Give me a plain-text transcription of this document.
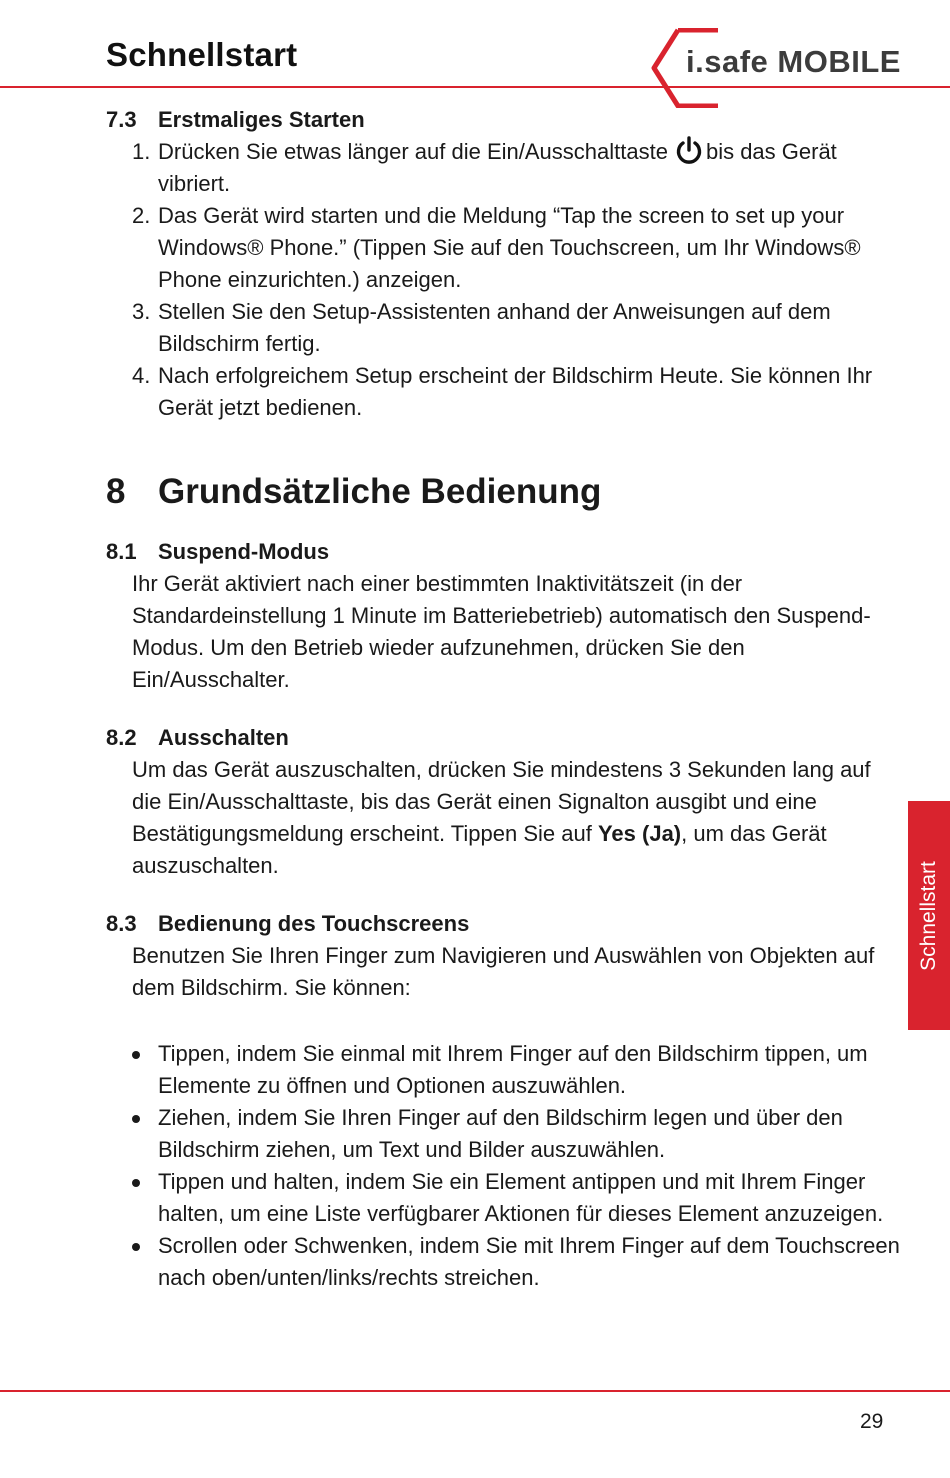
Schnellstart	i.safe MOBILE
7.3 Erstmaliges Starten
1. Drücken Sie etwas länger auf die Ein/Ausschalttaste bis das Gerät vibriert.
2. Das Gerät wird starten und die Meldung “Tap the screen to set up your Windows® Phone.” (Tippen Sie auf den Touchscreen, um Ihr Windows® Phone einzurichten.) anzeigen.
3. Stellen Sie den Setup-Assistenten anhand der Anweisungen auf dem Bildschirm fertig.
4. Nach erfolgreichem Setup erscheint der Bildschirm Heute. Sie können Ihr Gerät jetzt bedienen.
8 Grundsätzliche Bedienung
8.1 Suspend-Modus

Ihr Gerät aktiviert nach einer bestimmten Inaktivitätszeit (in der Standardeinstellung 1 Minute im Batteriebetrieb) automatisch den Suspend-Modus. Um den Betrieb wieder aufzunehmen, drücken Sie den Ein/Ausschalter.

8.2 Ausschalten

Um das Gerät auszuschalten, drücken Sie mindestens 3 Sekunden lang auf die Ein/Ausschalttaste, bis das Gerät einen Signalton ausgibt und eine Bestätigungsmeldung erscheint. Tippen Sie auf Yes (Ja), um das Gerät auszuschalten.

8.3 Bedienung des Touchscreens

Benutzen Sie Ihren Finger zum Navigieren und Auswählen von Objekten auf dem Bildschirm. Sie können:

Tippen, indem Sie einmal mit Ihrem Finger auf den Bildschirm tippen, um Elemente zu öffnen und Optionen auszuwählen.
Ziehen, indem Sie Ihren Finger auf den Bildschirm legen und über den Bildschirm ziehen, um Text und Bilder auszuwählen.
Tippen und halten, indem Sie ein Element antippen und mit Ihrem Finger halten, um eine Liste verfügbarer Aktionen für dieses Element anzuzeigen.
Scrollen oder Schwenken, indem Sie mit Ihrem Finger auf dem Touchscreen nach oben/unten/links/rechts streichen.
Schnellstart
29
